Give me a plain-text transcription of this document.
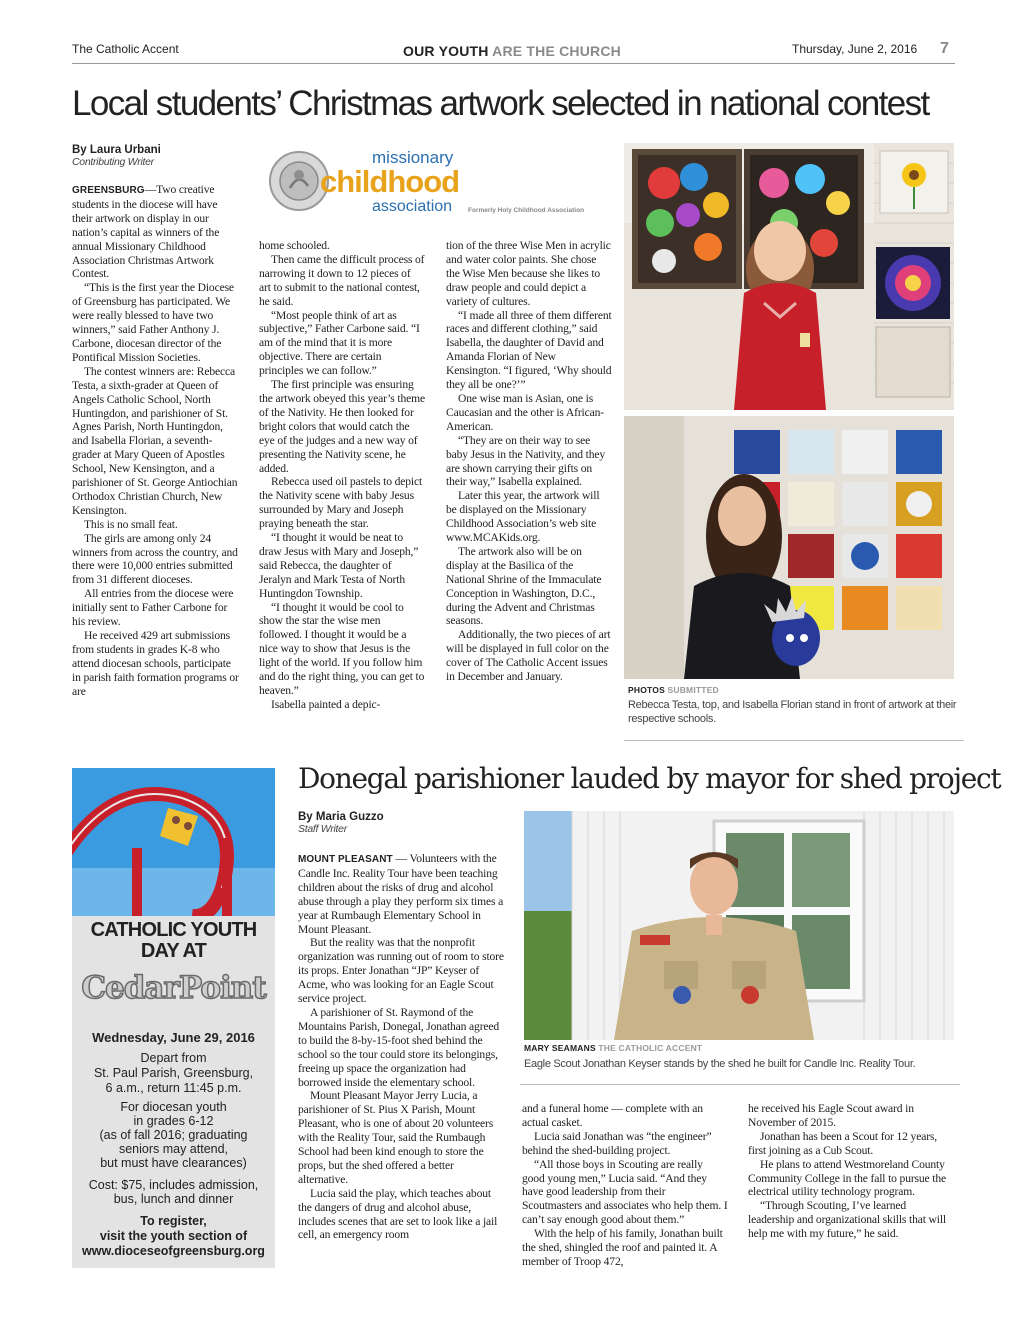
The Catholic Accent	OUR YOUTH ARE THE CHURCH	Thursday, June 2, 2016 7
Local students’ Christmas artwork selected in national contest
By Laura Urbani
Contributing Writer	missionary
childhood
association Formerly Holy Childhood Association

GREENSBURG—Two creative students in the diocese will have their artwork on display in our nation’s capital as winners of the annual Missionary Childhood Association Christmas Artwork Contest.

“This is the first year the Diocese of Greensburg has participated. We were really blessed to have two winners,” said Father Anthony J. Carbone, diocesan director of the Pontifical Mission Societies.

The contest winners are: Rebecca Testa, a sixth-grader at Queen of Angels Catholic School, North Huntingdon, and parishioner of St. Agnes Parish, North Huntingdon, and Isabella Florian, a seventh-grader at Mary Queen of Apostles School, New Kensington, and a parishioner of St. George Antiochian Orthodox Christian Church, New Kensington.

This is no small feat.

The girls are among only 24 winners from across the country, and there were 10,000 entries submitted from 31 different dioceses.

All entries from the diocese were initially sent to Father Carbone for his review.

He received 429 art submissions from students in grades K-8 who attend diocesan schools, participate in parish faith formation programs or are

home schooled.

Then came the difficult process of narrowing it down to 12 pieces of art to submit to the national contest, he said.

“Most people think of art as subjective,” Father Carbone said. “I am of the mind that it is more objective. There are certain principles we can follow.”

The first principle was ensuring the artwork obeyed this year’s theme of the Nativity. He then looked for bright colors that would catch the eye of the judges and a new way of presenting the Nativity scene, he added.

Rebecca used oil pastels to depict the Nativity scene with baby Jesus surrounded by Mary and Joseph praying beneath the star.

“I thought it would be neat to draw Jesus with Mary and Joseph,” said Rebecca, the daughter of Jeralyn and Mark Testa of North Huntingdon Township.

“I thought it would be cool to show the star the wise men followed. I thought it would be a nice way to show that Jesus is the light of the world. If you follow him and do the right thing, you can get to heaven.”

Isabella painted a depic-

tion of the three Wise Men in acrylic and water color paints. She chose the Wise Men because she likes to draw people and could depict a variety of cultures.

“I made all three of them different races and different clothing,” said Isabella, the daughter of David and Amanda Florian of New Kensington. “I figured, ‘Why should they all be one?’”

One wise man is Asian, one is Caucasian and the other is African-American.

“They are on their way to see baby Jesus in the Nativity, and they are shown carrying their gifts on their way,” Isabella explained.

Later this year, the artwork will be displayed on the Missionary Childhood Association’s web site www.MCAKids.org.

The artwork also will be on display at the Basilica of the National Shrine of the Immaculate Conception in Washington, D.C., during the Advent and Christmas seasons.

Additionally, the two pieces of art will be displayed in full color on the cover of The Catholic Accent issues in December and January.

PHOTOS SUBMITTED
Rebecca Testa, top, and Isabella Florian stand in front of artwork at their respective schools.
CATHOLIC YOUTH
DAY AT
CedarPoint
Wednesday, June 29, 2016
Depart from
St. Paul Parish, Greensburg,
6 a.m., return 11:45 p.m.
For diocesan youth
in grades 6-12
(as of fall 2016; graduating
seniors may attend,
but must have clearances)
Cost: $75, includes admission,
bus, lunch and dinner
To register,
visit the youth section of
www.dioceseofgreensburg.org
Donegal parishioner lauded by mayor for shed project
By Maria Guzzo
Staff Writer

MOUNT PLEASANT — Volunteers with the Candle Inc. Reality Tour have been teaching children about the risks of drug and alcohol abuse through a play they perform six times a year at Rumbaugh Elementary School in Mount Pleasant.

But the reality was that the nonprofit organization was running out of room to store its props. Enter Jonathan “JP” Keyser of Acme, who was looking for an Eagle Scout service project.

A parishioner of St. Raymond of the Mountains Parish, Donegal, Jonathan agreed to build the 8-by-15-foot shed behind the school so the tour could store its belongings, freeing up space the organization had borrowed inside the elementary school.

Mount Pleasant Mayor Jerry Lucia, a parishioner of St. Pius X Parish, Mount Pleasant, who is one of about 20 volunteers with the Reality Tour, said the Rumbaugh School had been kind enough to store the props, but the shed offered a better alternative.

Lucia said the play, which teaches about the dangers of drug and alcohol abuse, includes scenes that are set to look like a jail cell, an emergency room

MARY SEAMANS THE CATHOLIC ACCENT
Eagle Scout Jonathan Keyser stands by the shed he built for Candle Inc. Reality Tour.

and a funeral home — complete with an actual casket.

Lucia said Jonathan was “the engineer” behind the shed-building project.

“All those boys in Scouting are really good young men,” Lucia said. “And they have good leadership from their Scoutmasters and associates who help them. I can’t say enough good about them.”

With the help of his family, Jonathan built the shed, shingled the roof and painted it. A member of Troop 472,

he received his Eagle Scout award in November of 2015.

Jonathan has been a Scout for 12 years, first joining as a Cub Scout.

He plans to attend Westmoreland County Community College in the fall to pursue the electrical utility technology program.

“Through Scouting, I’ve learned leadership and organizational skills that will help me with my future,” he said.
